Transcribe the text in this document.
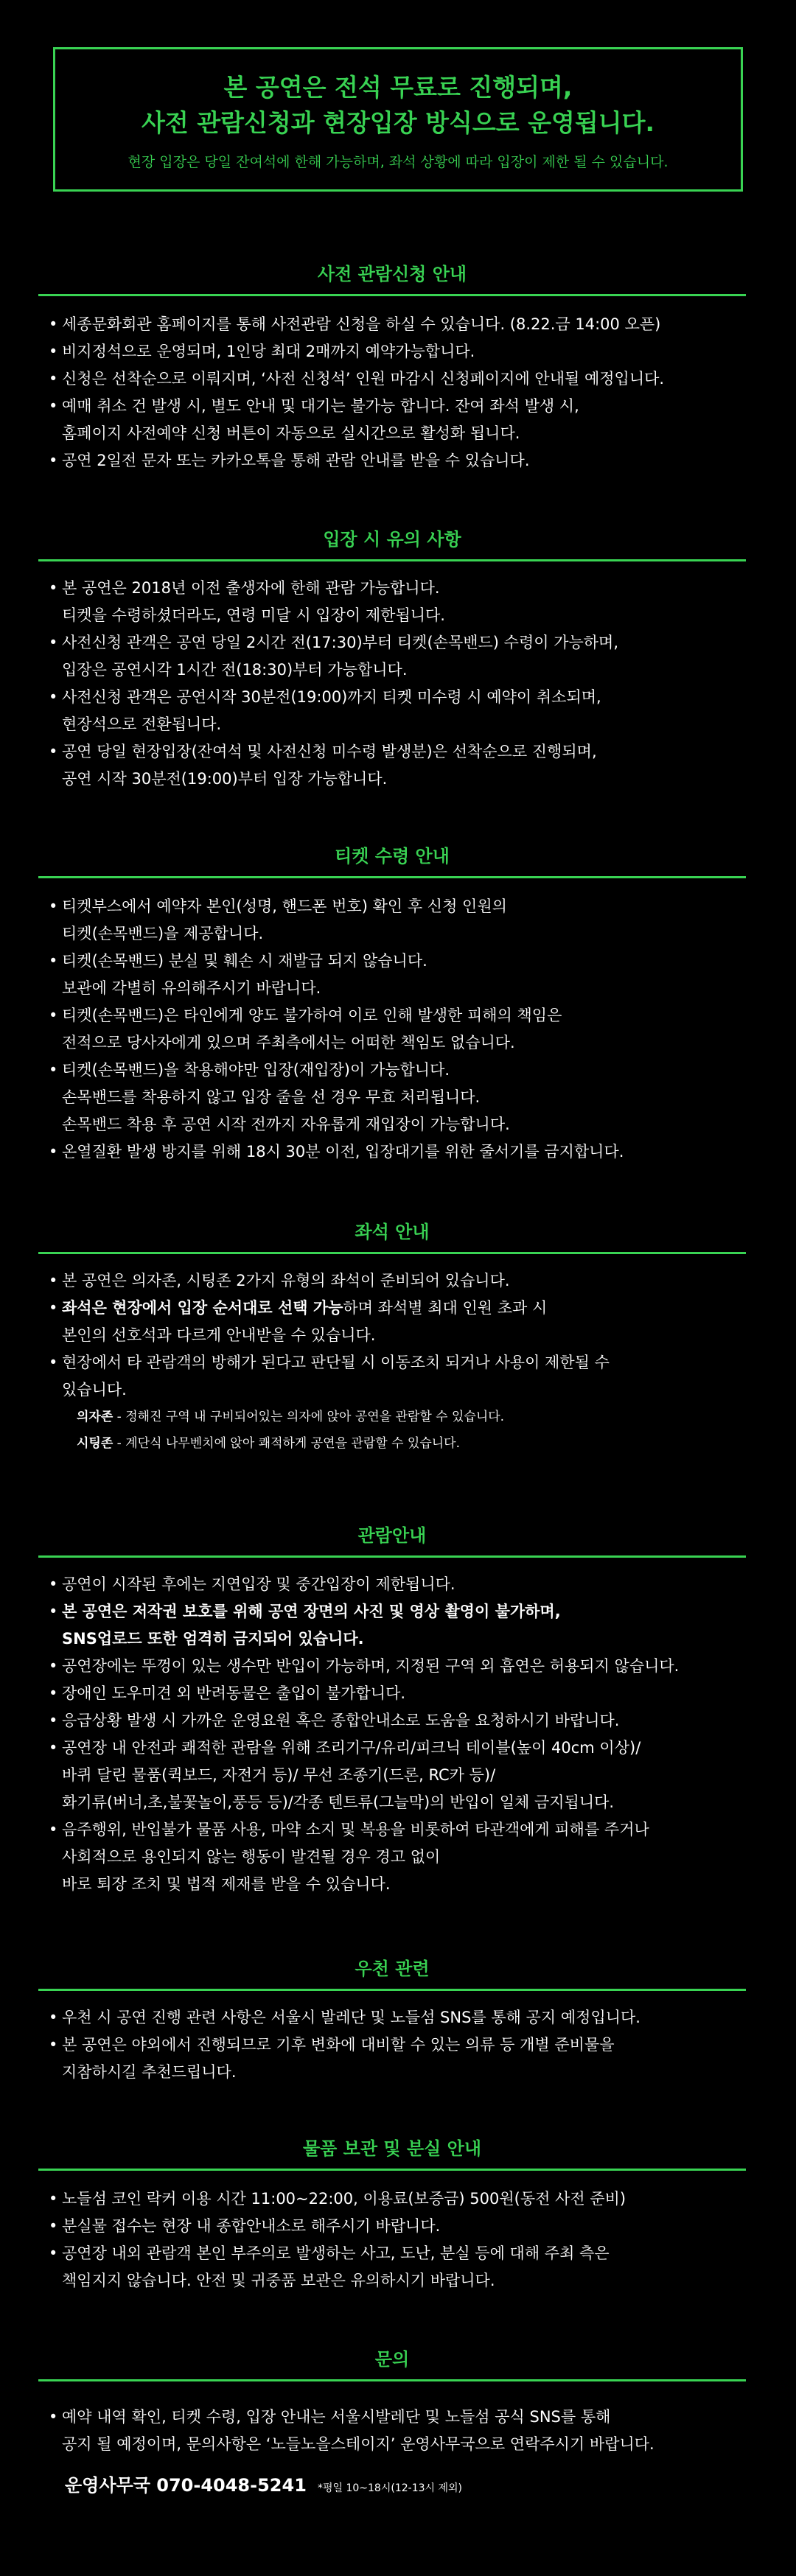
본 공연은 전석 무료로 진행되며,
사전 관람신청과 현장입장 방식으로 운영됩니다.
현장 입장은 당일 잔여석에 한해 가능하며, 좌석 상황에 따라 입장이 제한 될 수 있습니다.
사전 관람신청 안내
• 세종문화회관 홈페이지를 통해 사전관람 신청을 하실 수 있습니다. (8.22.금 14:00 오픈)
• 비지정석으로 운영되며, 1인당 최대 2매까지 예약가능합니다.
• 신청은 선착순으로 이뤄지며, ‘사전 신청석’ 인원 마감시 신청페이지에 안내될 예정입니다.
• 예매 취소 건 발생 시, 별도 안내 및 대기는 불가능 합니다. 잔여 좌석 발생 시,
홈페이지 사전예약 신청 버튼이 자동으로 실시간으로 활성화 됩니다.
• 공연 2일전 문자 또는 카카오톡을 통해 관람 안내를 받을 수 있습니다.
입장 시 유의 사항
• 본 공연은 2018년 이전 출생자에 한해 관람 가능합니다.
티켓을 수령하셨더라도, 연령 미달 시 입장이 제한됩니다.
• 사전신청 관객은 공연 당일 2시간 전(17:30)부터 티켓(손목밴드) 수령이 가능하며,
입장은 공연시각 1시간 전(18:30)부터 가능합니다.
• 사전신청 관객은 공연시작 30분전(19:00)까지 티켓 미수령 시 예약이 취소되며,
현장석으로 전환됩니다.
• 공연 당일 현장입장(잔여석 및 사전신청 미수령 발생분)은 선착순으로 진행되며,
공연 시작 30분전(19:00)부터 입장 가능합니다.
티켓 수령 안내
• 티켓부스에서 예약자 본인(성명, 핸드폰 번호) 확인 후 신청 인원의
티켓(손목밴드)을 제공합니다.
• 티켓(손목밴드) 분실 및 훼손 시 재발급 되지 않습니다.
보관에 각별히 유의해주시기 바랍니다.
• 티켓(손목밴드)은 타인에게 양도 불가하여 이로 인해 발생한 피해의 책임은
전적으로 당사자에게 있으며 주최측에서는 어떠한 책임도 없습니다.
• 티켓(손목밴드)을 착용해야만 입장(재입장)이 가능합니다.
손목밴드를 착용하지 않고 입장 줄을 선 경우 무효 처리됩니다.
손목밴드 착용 후 공연 시작 전까지 자유롭게 재입장이 가능합니다.
• 온열질환 발생 방지를 위해 18시 30분 이전, 입장대기를 위한 줄서기를 금지합니다.
좌석 안내
• 본 공연은 의자존, 시팅존 2가지 유형의 좌석이 준비되어 있습니다.
• 좌석은 현장에서 입장 순서대로 선택 가능하며 좌석별 최대 인원 초과 시
본인의 선호석과 다르게 안내받을 수 있습니다.
• 현장에서 타 관람객의 방해가 된다고 판단될 시 이동조치 되거나 사용이 제한될 수
있습니다.
의자존 - 정해진 구역 내 구비되어있는 의자에 앉아 공연을 관람할 수 있습니다.
시팅존 - 계단식 나무벤치에 앉아 쾌적하게 공연을 관람할 수 있습니다.
관람안내
• 공연이 시작된 후에는 지연입장 및 중간입장이 제한됩니다.
• 본 공연은 저작권 보호를 위해 공연 장면의 사진 및 영상 촬영이 불가하며,
SNS업로드 또한 엄격히 금지되어 있습니다.
• 공연장에는 뚜껑이 있는 생수만 반입이 가능하며, 지정된 구역 외 흡연은 허용되지 않습니다.
• 장애인 도우미견 외 반려동물은 출입이 불가합니다.
• 응급상황 발생 시 가까운 운영요원 혹은 종합안내소로 도움을 요청하시기 바랍니다.
• 공연장 내 안전과 쾌적한 관람을 위해 조리기구/유리/피크닉 테이블(높이 40cm 이상)/
바퀴 달린 물품(퀵보드, 자전거 등)/ 무선 조종기(드론, RC카 등)/
화기류(버너,초,불꽃놀이,풍등 등)/각종 텐트류(그늘막)의 반입이 일체 금지됩니다.
• 음주행위, 반입불가 물품 사용, 마약 소지 및 복용을 비롯하여 타관객에게 피해를 주거나
사회적으로 용인되지 않는 행동이 발견될 경우 경고 없이
바로 퇴장 조치 및 법적 제재를 받을 수 있습니다.
우천 관련
• 우천 시 공연 진행 관련 사항은 서울시 발레단 및 노들섬 SNS를 통해 공지 예정입니다.
• 본 공연은 야외에서 진행되므로 기후 변화에 대비할 수 있는 의류 등 개별 준비물을
지참하시길 추천드립니다.
물품 보관 및 분실 안내
• 노들섬 코인 락커 이용 시간 11:00~22:00, 이용료(보증금) 500원(동전 사전 준비)
• 분실물 접수는 현장 내 종합안내소로 해주시기 바랍니다.
• 공연장 내외 관람객 본인 부주의로 발생하는 사고, 도난, 분실 등에 대해 주최 측은
책임지지 않습니다. 안전 및 귀중품 보관은 유의하시기 바랍니다.
문의
• 예약 내역 확인, 티켓 수령, 입장 안내는 서울시발레단 및 노들섬 공식 SNS를 통해
공지 될 예정이며, 문의사항은 ‘노들노을스테이지’ 운영사무국으로 연락주시기 바랍니다.
운영사무국 070-4048-5241 *평일 10~18시(12-13시 제외)
